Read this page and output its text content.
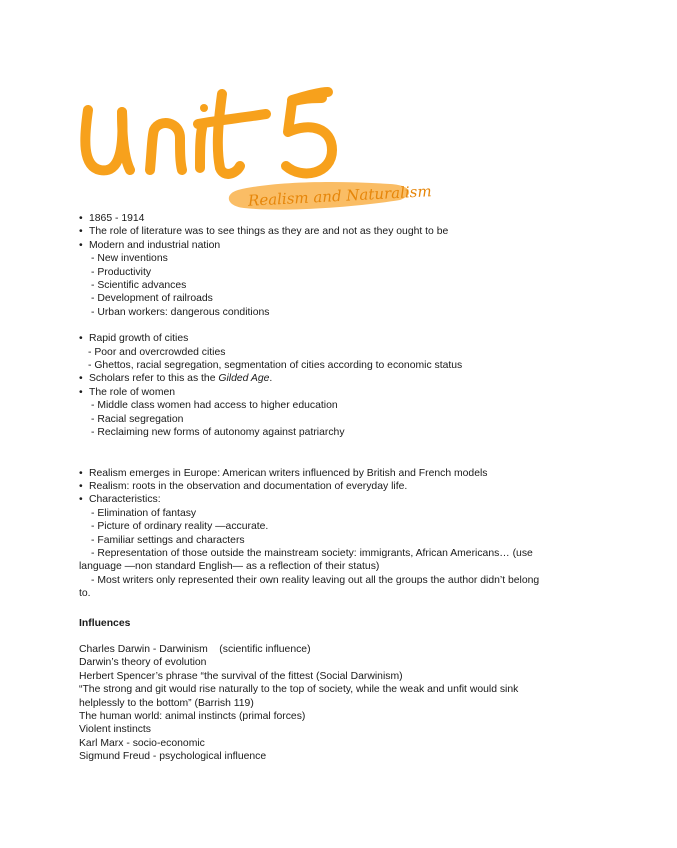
Realism and Naturalism
• 1865 - 1914
• The role of literature was to see things as they are and not as they ought to be
• Modern and industrial nation
- New inventions
- Productivity
- Scientific advances
- Development of railroads
- Urban workers: dangerous conditions
• Rapid growth of cities
- Poor and overcrowded cities
- Ghettos, racial segregation, segmentation of cities according to economic status
• Scholars refer to this as the Gilded Age.
• The role of women
- Middle class women had access to higher education
- Racial segregation
- Reclaiming new forms of autonomy against patriarchy
• Realism emerges in Europe: American writers influenced by British and French models
• Realism: roots in the observation and documentation of everyday life.
• Characteristics:
- Elimination of fantasy
- Picture of ordinary reality —accurate.
- Familiar settings and characters
- Representation of those outside the mainstream society: immigrants, African Americans… (use
language —non standard English— as a reflection of their status)
- Most writers only represented their own reality leaving out all the groups the author didn’t belong
to.
Influences
Charles Darwin - Darwinism    (scientific influence)
Darwin’s theory of evolution
Herbert Spencer’s phrase “the survival of the fittest (Social Darwinism)
“The strong and git would rise naturally to the top of society, while the weak and unfit would sink
helplessly to the bottom” (Barrish 119)
The human world: animal instincts (primal forces)
Violent instincts
Karl Marx - socio-economic
Sigmund Freud - psychological influence
